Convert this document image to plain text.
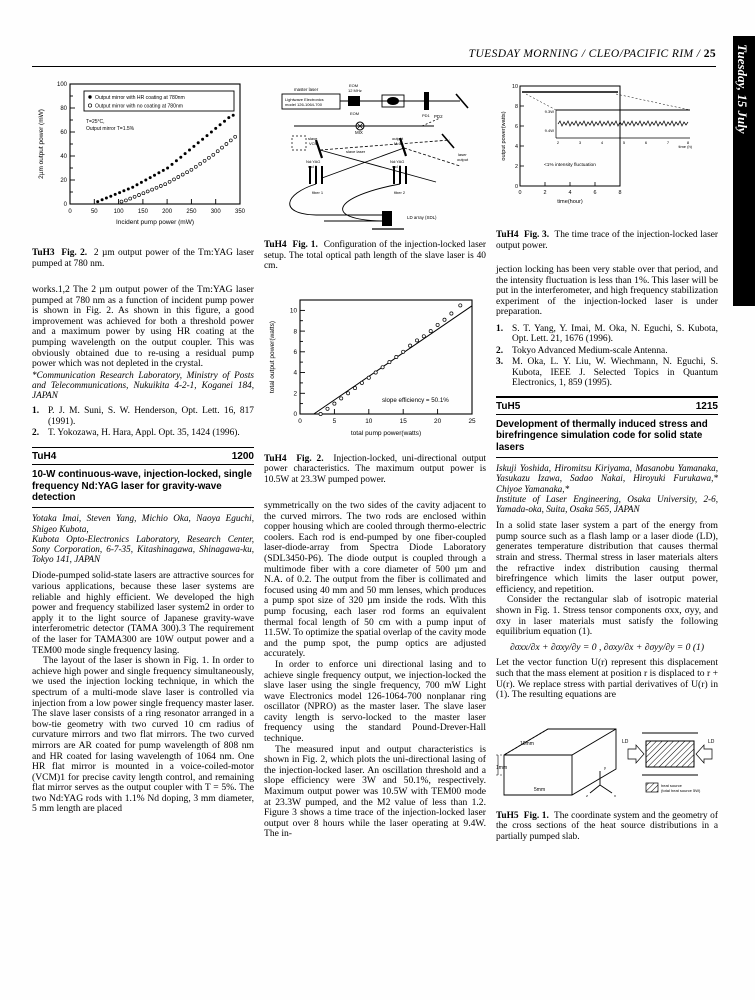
TUESDAY MORNING / CLEO/PACIFIC RIM / 25 Tuesday, 15 July
0
20
40
60
80
100
0	50	100 150 200 250 300 350
Incident pump power (mW)
2µm output power (mW)
Output mirror with HR coating at 780nm
Output mirror with no coating at 780nm
T=25°C,
Output mirror T=1.5%
TuH3 Fig. 2. 2 µm output power of the Tm:YAG laser pumped at 780 nm.

works.1,2 The 2 µm output power of the Tm:YAG laser pumped at 780 nm as a function of incident pump power is shown in Fig. 2. As shown in this figure, a good improvement was achieved for both a threshold power and a maximum power by using HR coating at the pumping wavelength on the output coupler. This was obviously obtained due to re-using a residual pump power which was not depleted in the crystal.

*Communication Research Laboratory, Ministry of Posts and Telecommunications, Nukuikita 4-2-1, Koganei 184, JAPAN

1. P. J. M. Suni, S. W. Henderson, Opt. Lett. 16, 817 (1991).
2. T. Yokozawa, H. Hara, Appl. Opt. 35, 1424 (1996).
TuH4	1200
10-W continuous-wave, injection-locked, single frequency Nd:YAG laser for gravity-wave detection

Yotaka Imai, Steven Yang, Michio Oka, Naoya Eguchi, Shigeo Kubota,

Kubota Opto-Electronics Laboratory, Research Center, Sony Corporation, 6-7-35, Kitashinagawa, Shinagawa-ku, Tokyo 141, JAPAN

Diode-pumped solid-state lasers are attractive sources for various applications, because these laser systems are reliable and highly efficient. We developed the high power and frequency stabilized laser system2 in order to apply it to the light source of Japanese gravity-wave interferometric detector (TAMA 300).3 The requirement of the laser for TAMA300 are 10W output power and a TEM00 mode single frequency lasing.

The layout of the laser is shown in Fig. 1. In order to achieve high power and single frequency simultaneously, we used the injection locking technique, in which the spectrum of a multi-mode slave laser is controlled via injection from a low power single frequency master laser. The slave laser consists of a ring resonator arranged in a bow-tie geometry with two curved 10 cm radius of curvature mirrors and two flat mirrors. The two curved mirrors are AR coated for pump wavelength of 808 nm and HR coated for lasing wavelength of 1064 nm. One HR flat mirror is mounted in a voice-coiled-motor (VCM)1 for precise cavity length control, and remaining flat mirror serves as the output coupler with T = 5%. The two Nd:YAG rods with 1.1% Nd doping, 3 mm diameter, 5 mm length are placed

master laser
Lightwave Electronics
model 126-1064-700
12 MHz
EOM
EOM	PD1
MIX
PD2
slave
VCM
output
M.C
slave laser
laser
output
Nd:YAG
rod 1
Nd:YAG
rod 2
fiber 1	fiber 2
LD array (SDL)
TuH4 Fig. 1. Configuration of the injection-locked laser setup. The total optical path length of the slave laser is 40 cm.
0
2
4
6
8
10
0	5	10	15	20	25
total pump power(watts)
total output power(watts)
slope efficiency = 50.1%
TuH4 Fig. 2. Injection-locked, uni-directional output power characteristics. The maximum output power is 10.5W at 23.3W pumped power.

symmetrically on the two sides of the cavity adjacent to the curved mirrors. The two rods are enclosed within copper housing which are cooled through thermo-electric coolers. Each rod is end-pumped by one fiber-coupled laser-diode-array from Spectra Diode Laboratory (SDL3450-P6). The diode output is coupled through a multimode fiber with a core diameter of 500 µm and N.A. of 0.2. The output from the fiber is collimated and focused using 40 mm and 50 mm lenses, which produces a pump spot size of 320 µm inside the rods. With this pump focusing, each laser rod forms an equivalent thermal focal length of 50 cm with a pump input of 11.5W. To optimize the spatial overlap of the cavity mode and the pump spot, the pump optics are adjusted accurately.

In order to enforce uni directional lasing and to achieve single frequency output, we injection-locked the slave laser using the single frequency, 700 mW Light wave Electronics model 126-1064-700 nonplanar ring oscillator (NPRO) as the master laser. The slave laser cavity length is servo-locked to the master laser frequency using the standard Pound-Drever-Hall technique.

The measured input and output characteristics is shown in Fig. 2, which plots the uni-directional lasing of the injection-locked laser. An oscillation threshold and a slope efficiency were 3W and 50.1%, respectively. Maximum output power was 10.5W with TEM00 mode at 23.3W pumped, and the M2 value of less than 1.2. Figure 3 shows a time trace of the injection-locked laser output over 8 hours while the laser operating at 9.4W. The in-

0
2
4
6
8
10
0	2	4	6	8
time(hour)
output power(watts)
<1% intensity fluctuation
9.3W
9.4W
2	3	4	5	6	7	8
time (h)
TuH4 Fig. 3. The time trace of the injection-locked laser output power.

jection locking has been very stable over that period, and the intensity fluctuation is less than 1%. This laser will be put in the interferometer, and high frequency stabilization experiment of the injection-locked laser is under preparation.

1. S. T. Yang, Y. Imai, M. Oka, N. Eguchi, S. Kubota, Opt. Lett. 21, 1676 (1996).
2. Tokyo Advanced Medium-scale Antenna.
3. M. Oka, L. Y. Liu, W. Wiechmann, N. Eguchi, S. Kubota, IEEE J. Selected Topics in Quantum Electronics, 1, 859 (1995).
TuH5	1215
Development of thermally induced stress and birefringence simulation code for solid state lasers

Iskuji Yoshida, Hiromitsu Kiriyama, Masanobu Yamanaka, Yasukazu Izawa, Sadao Nakai, Hiroyuki Furukawa,* Chiyoe Yamanaka,*

Institute of Laser Engineering, Osaka University, 2-6, Yamada-oka, Suita, Osaka 565, JAPAN

In a solid state laser system a part of the energy from pump source such as a flash lamp or a laser diode (LD), generates temperature distribution that causes thermal strain and stress. Thermal stress in laser materials alters the refractive index distribution causing thermal birefringence which limits the laser output power, efficiency, and repetition.

Consider the rectangular slab of isotropic material shown in Fig. 1. Stress tensor components σxx, σyy, and σxy in laser materials must satisfy the following equilibrium equation (1).

∂σxx/∂x + ∂σxy/∂y = 0 , ∂σxy/∂x + ∂σyy/∂y = 0 (1)

Let the vector function U(r) represent this displacement such that the mass element at position r is displaced to r + U(r). We replace stress with partial derivatives of U(r) in (1). The resulting equations are

10mm
5mm
1mm	y
x
z
LD	LD
heat source
(total heat source 5W)
TuH5 Fig. 1. The coordinate system and the geometry of the cross sections of the heat source distributions in a partially pumped slab.
